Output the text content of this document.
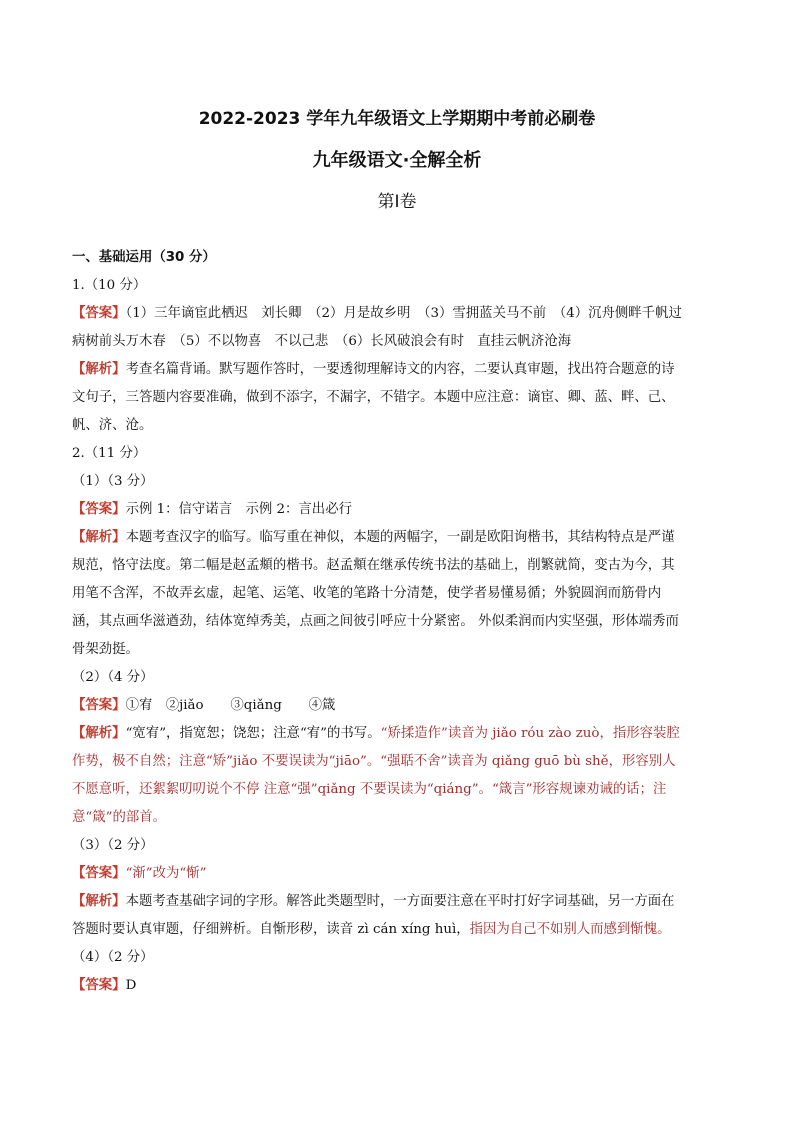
2022-2023 学年九年级语文上学期期中考前必刷卷
九年级语文·全解全析
第Ⅰ卷
一、基础运用（30 分）
1.（10 分）
【答案】（1）三年谪宦此栖迟　刘长卿　（2）月是故乡明　（3）雪拥蓝关马不前　（4）沉舟侧畔千帆过　病树前头万木春　（5）不以物喜　不以己悲　（6）长风破浪会有时　直挂云帆济沧海
【解析】考查名篇背诵。默写题作答时，一要透彻理解诗文的内容，二要认真审题，找出符合题意的诗文句子，三答题内容要准确，做到不添字，不漏字，不错字。本题中应注意：谪宦、卿、蓝、畔、己、帆、济、沧。
2.（11 分）
（1）（3 分）
【答案】示例 1：信守诺言　示例 2：言出必行
【解析】本题考查汉字的临写。临写重在神似，本题的两幅字，一副是欧阳询楷书，其结构特点是严谨规范，恪守法度。第二幅是赵孟頫的楷书。赵孟頫在继承传统书法的基础上，削繁就简，变古为今，其用笔不含浑，不故弄玄虚，起笔、运笔、收笔的笔路十分清楚，使学者易懂易循；外貌圆润而筋骨内涵，其点画华滋遒劲，结体宽绰秀美，点画之间彼引呼应十分紧密。 外似柔润而内实坚强，形体端秀而骨架劲挺。
（2）（4 分）
【答案】①宥　②jiǎo　　③qiǎng　　④箴
【解析】“宽宥”，指宽恕；饶恕；注意“宥”的书写。“矫揉造作”读音为 jiǎo róu zào zuò，指形容装腔作势，极不自然；注意“矫”jiǎo 不要误读为“jiāo”。“强聒不舍”读音为 qiǎng guō bù shě，形容别人不愿意听，还絮絮叨叨说个不停 注意“强”qiǎng 不要误读为“qiáng”。“箴言”形容规谏劝诫的话；注意“箴”的部首。
（3）（2 分）
【答案】“渐”改为“惭”
【解析】本题考查基础字词的字形。解答此类题型时，一方面要注意在平时打好字词基础，另一方面在答题时要认真审题，仔细辨析。自惭形秽，读音 zì cán xíng huì，指因为自己不如别人而感到惭愧。
（4）（2 分）
【答案】D
